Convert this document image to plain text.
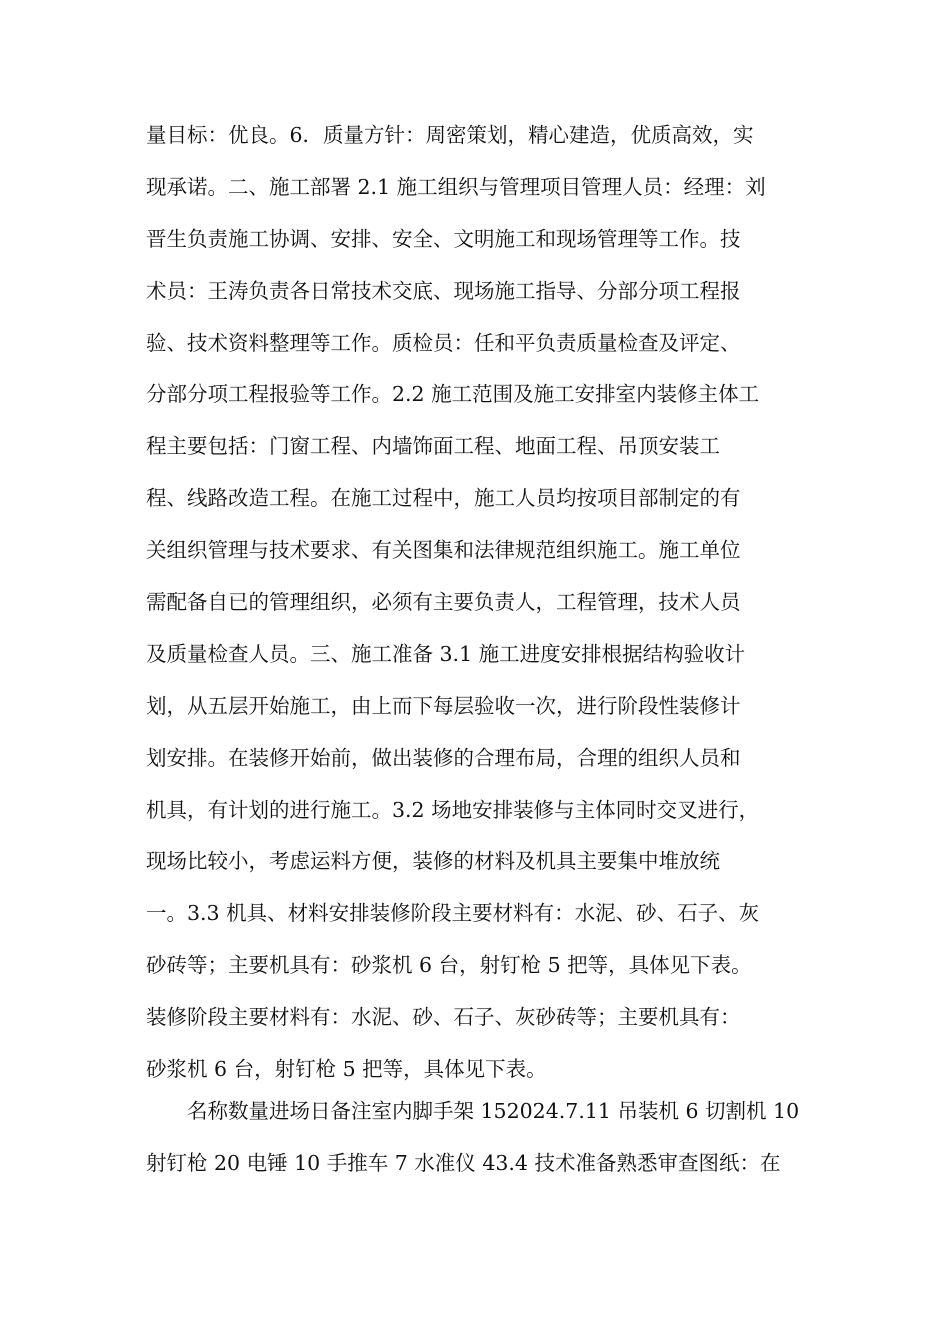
量目标：优良。6．质量方针：周密策划，精心建造，优质高效，实
现承诺。二、施工部署 2.1 施工组织与管理项目管理人员：经理：刘
晋生负责施工协调、安排、安全、文明施工和现场管理等工作。技
术员：王涛负责各日常技术交底、现场施工指导、分部分项工程报
验、技术资料整理等工作。质检员：任和平负责质量检查及评定、
分部分项工程报验等工作。2.2 施工范围及施工安排室内装修主体工
程主要包括：门窗工程、内墙饰面工程、地面工程、吊顶安装工
程、线路改造工程。在施工过程中，施工人员均按项目部制定的有
关组织管理与技术要求、有关图集和法律规范组织施工。施工单位
需配备自已的管理组织，必须有主要负责人，工程管理，技术人员
及质量检查人员。三、施工准备 3.1 施工进度安排根据结构验收计
划，从五层开始施工，由上而下每层验收一次，进行阶段性装修计
划安排。在装修开始前，做出装修的合理布局，合理的组织人员和
机具，有计划的进行施工。3.2 场地安排装修与主体同时交叉进行，
现场比较小，考虑运料方便，装修的材料及机具主要集中堆放统
一。3.3 机具、材料安排装修阶段主要材料有：水泥、砂、石子、灰
砂砖等；主要机具有：砂浆机 6 台，射钉枪 5 把等，具体见下表。
装修阶段主要材料有：水泥、砂、石子、灰砂砖等；主要机具有：
砂浆机 6 台，射钉枪 5 把等，具体见下表。
名称数量进场日备注室内脚手架 152024.7.11 吊装机 6 切割机 10
射钉枪 20 电锤 10 手推车 7 水准仪 43.4 技术准备熟悉审查图纸：在
